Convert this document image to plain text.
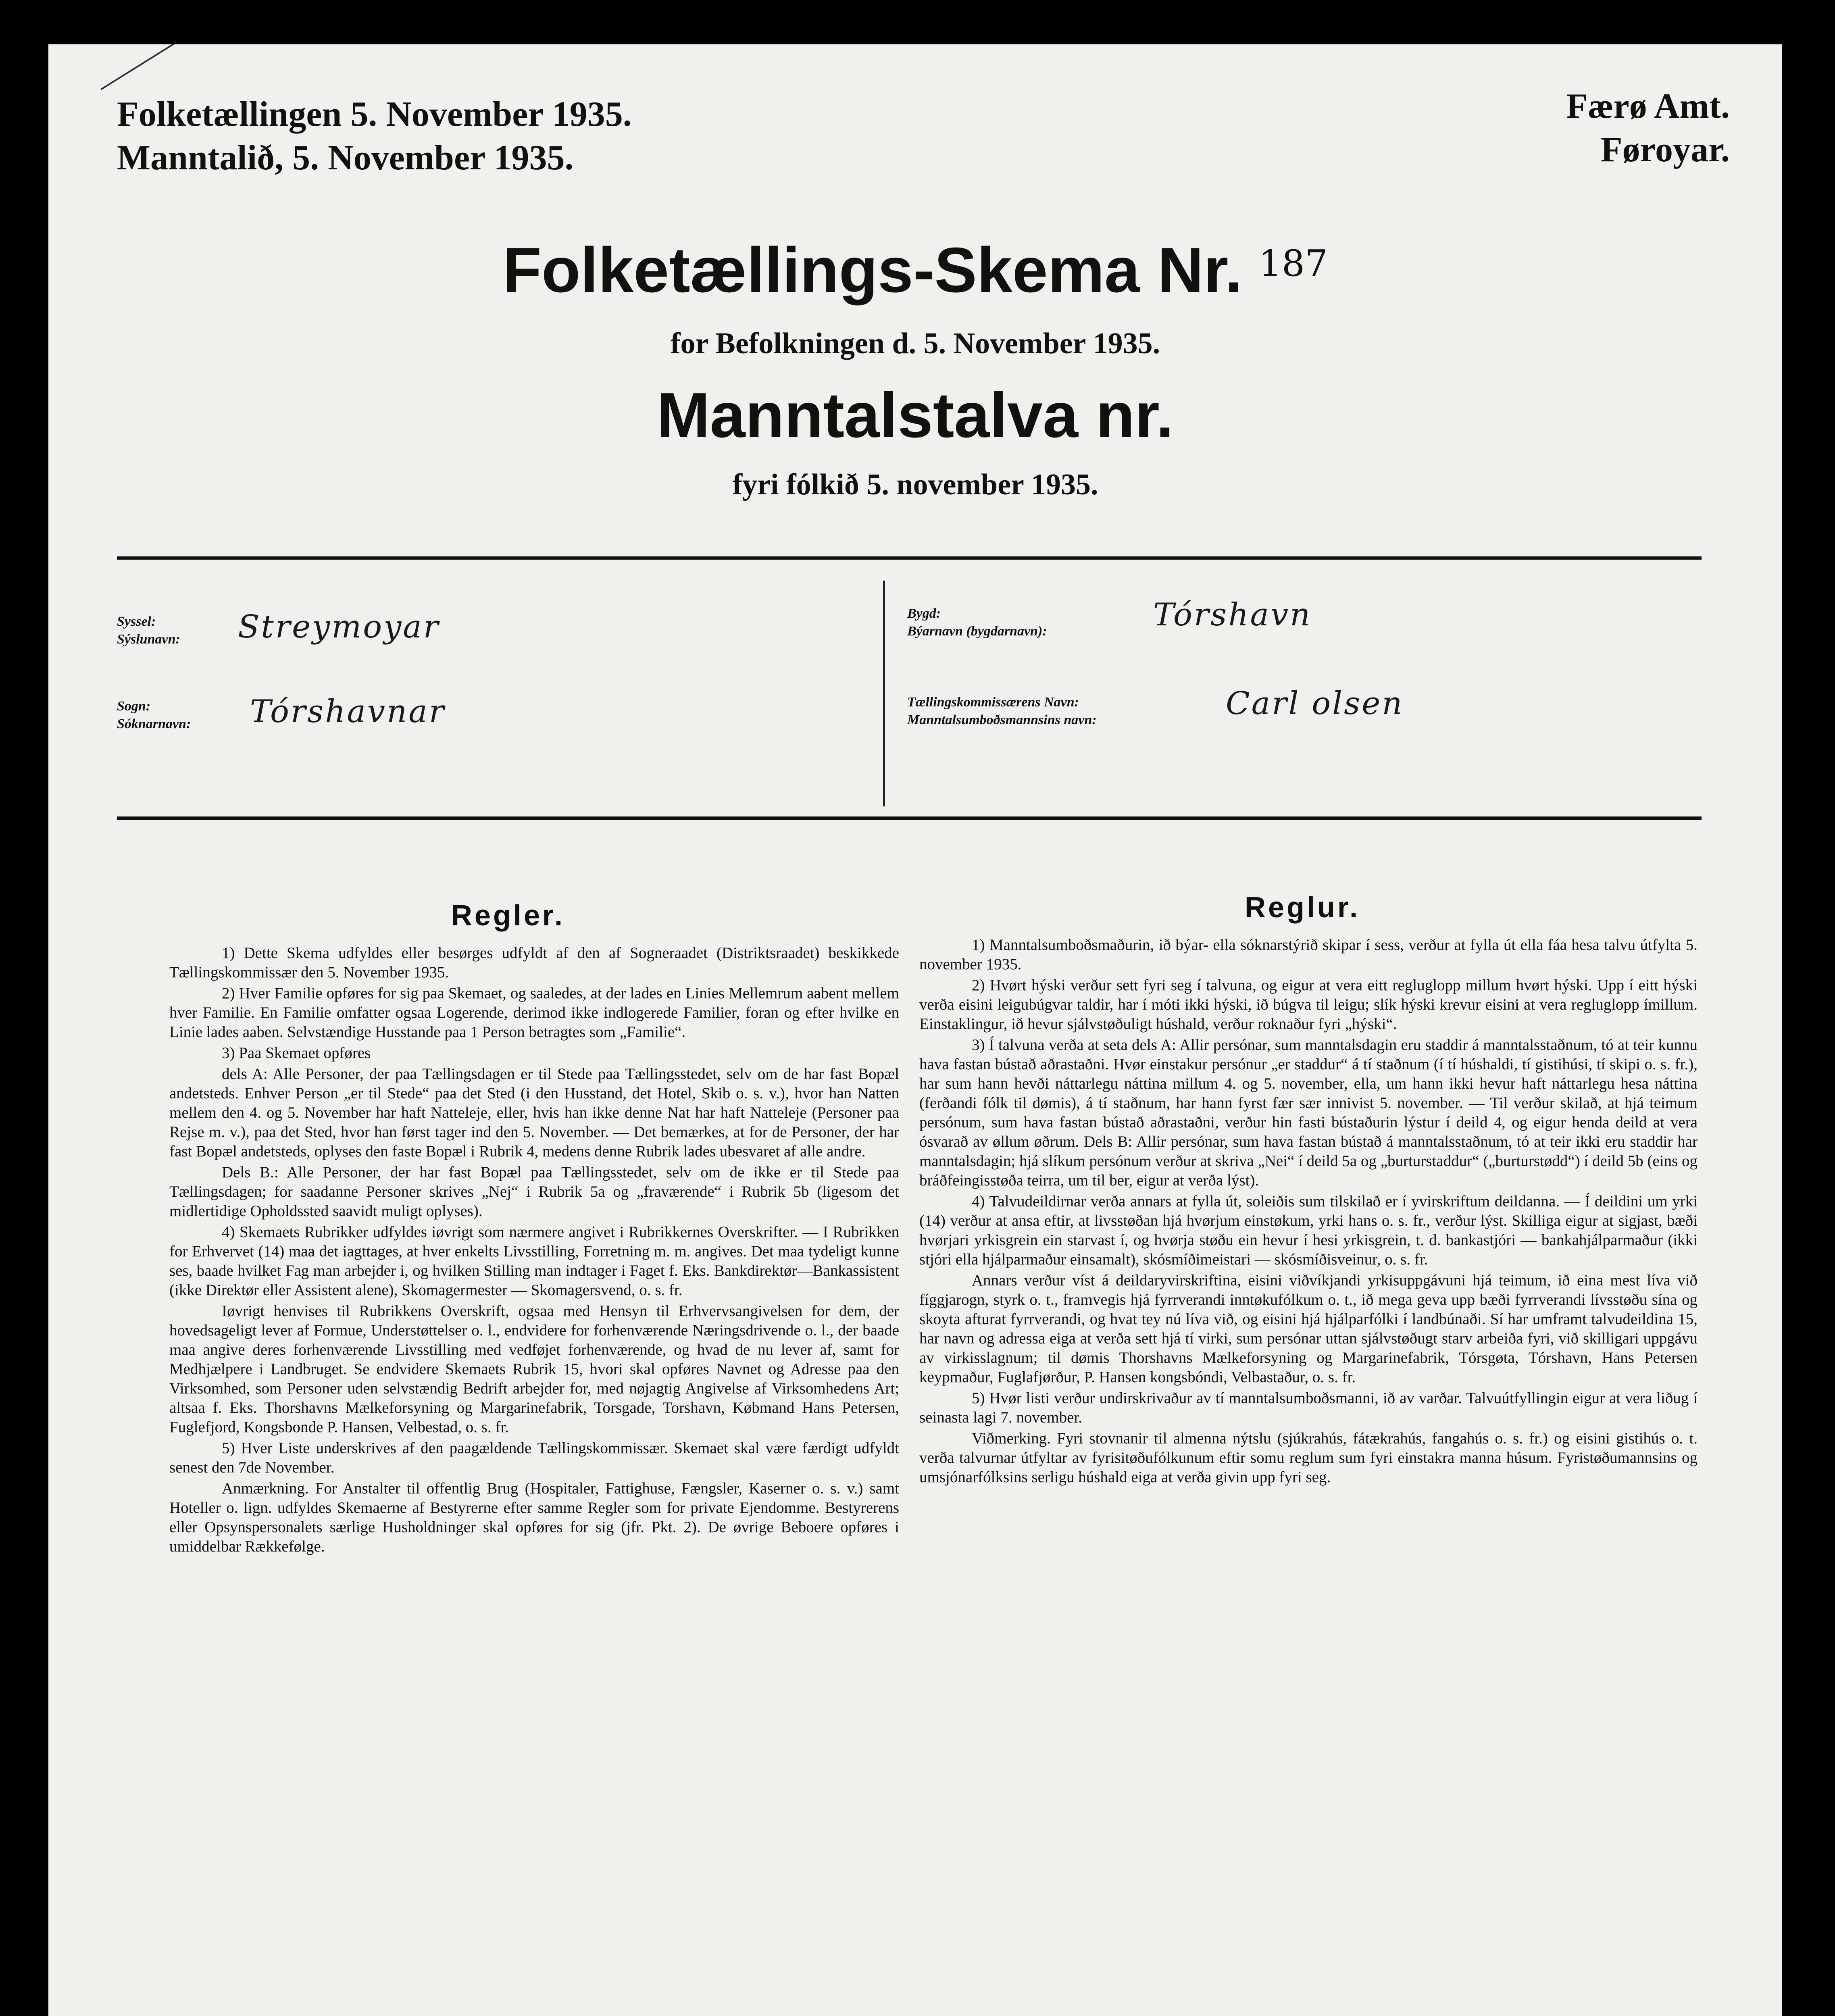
Folketællingen 5. November 1935.
Manntalið, 5. November 1935.
Færø Amt.
Føroyar.
Folketællings-Skema Nr. $^{187}$
for Befolkningen d. 5. November 1935.
Manntalstalva nr.
fyri fólkið 5. november 1935.
Syssel:
Sýslunavn: Streymoyar
Sogn:
Sóknarnavn: Tórshavnar
Bygd:
Býarnavn (bygdarnavn):	Tórshavn
Tællingskommissærens Navn:
Manntalsumboðsmannsins navn:	Carl olsen
Regler.

1) Dette Skema udfyldes eller besørges udfyldt af den af Sogneraadet (Distriktsraadet) beskikkede Tællingskommissær den 5. November 1935.

2) Hver Familie opføres for sig paa Skemaet, og saaledes, at der lades en Linies Mellemrum aabent mellem hver Familie. En Familie omfatter ogsaa Logerende, derimod ikke indlogerede Familier, foran og efter hvilke en Linie lades aaben. Selvstændige Husstande paa 1 Person betragtes som „Familie“.

3) Paa Skemaet opføres

dels A: Alle Personer, der paa Tællingsdagen er til Stede paa Tællingsstedet, selv om de har fast Bopæl andetsteds. Enhver Person „er til Stede“ paa det Sted (i den Husstand, det Hotel, Skib o. s. v.), hvor han Natten mellem den 4. og 5. November har haft Natteleje, eller, hvis han ikke denne Nat har haft Natteleje (Personer paa Rejse m. v.), paa det Sted, hvor han først tager ind den 5. November. — Det bemærkes, at for de Personer, der har fast Bopæl andetsteds, oplyses den faste Bopæl i Rubrik 4, medens denne Rubrik lades ubesvaret af alle andre.

Dels B.: Alle Personer, der har fast Bopæl paa Tællingsstedet, selv om de ikke er til Stede paa Tællingsdagen; for saadanne Personer skrives „Nej“ i Rubrik 5a og „fraværende“ i Rubrik 5b (ligesom det midlertidige Opholdssted saavidt muligt oplyses).

4) Skemaets Rubrikker udfyldes iøvrigt som nærmere angivet i Rubrikkernes Overskrifter. — I Rubrikken for Erhvervet (14) maa det iagttages, at hver enkelts Livsstilling, Forretning m. m. angives. Det maa tydeligt kunne ses, baade hvilket Fag man arbejder i, og hvilken Stilling man indtager i Faget f. Eks. Bankdirektør—Bankassistent (ikke Direktør eller Assistent alene), Skomagermester — Skomagersvend, o. s. fr.

Iøvrigt henvises til Rubrikkens Overskrift, ogsaa med Hensyn til Erhvervsangivelsen for dem, der hovedsageligt lever af Formue, Understøttelser o. l., endvidere for forhenværende Næringsdrivende o. l., der baade maa angive deres forhenværende Livsstilling med vedføjet forhenværende, og hvad de nu lever af, samt for Medhjælpere i Landbruget. Se endvidere Skemaets Rubrik 15, hvori skal opføres Navnet og Adresse paa den Virksomhed, som Personer uden selvstændig Bedrift arbejder for, med nøjagtig Angivelse af Virksomhedens Art; altsaa f. Eks. Thorshavns Mælkeforsyning og Margarinefabrik, Torsgade, Torshavn, Købmand Hans Petersen, Fuglefjord, Kongsbonde P. Hansen, Velbestad, o. s. fr.

5) Hver Liste underskrives af den paagældende Tællingskommissær. Skemaet skal være færdigt udfyldt senest den 7de November.

Anmærkning. For Anstalter til offentlig Brug (Hospitaler, Fattighuse, Fængsler, Kaserner o. s. v.) samt Hoteller o. lign. udfyldes Skemaerne af Bestyrerne efter samme Regler som for private Ejendomme. Bestyrerens eller Opsynspersonalets særlige Husholdninger skal opføres for sig (jfr. Pkt. 2). De øvrige Beboere opføres i umiddelbar Rækkefølge.

Reglur.

1) Manntalsumboðsmaðurin, ið býar- ella sóknarstýrið skipar í sess, verður at fylla út ella fáa hesa talvu útfylta 5. november 1935.

2) Hvørt hýski verður sett fyri seg í talvuna, og eigur at vera eitt regluglopp millum hvørt hýski. Upp í eitt hýski verða eisini leigubúgvar taldir, har í móti ikki hýski, ið búgva til leigu; slík hýski krevur eisini at vera regluglopp ímillum. Einstaklingur, ið hevur sjálvstøðuligt húshald, verður roknaður fyri „hýski“.

3) Í talvuna verða at seta dels A: Allir persónar, sum manntalsdagin eru staddir á manntalsstaðnum, tó at teir kunnu hava fastan bústað aðrastaðni. Hvør einstakur persónur „er staddur“ á tí staðnum (í tí húshaldi, tí gistihúsi, tí skipi o. s. fr.), har sum hann hevði náttarlegu náttina millum 4. og 5. november, ella, um hann ikki hevur haft náttarlegu hesa náttina (ferðandi fólk til dømis), á tí staðnum, har hann fyrst fær sær innivist 5. november. — Til verður skilað, at hjá teimum persónum, sum hava fastan bústað aðrastaðni, verður hin fasti bústaðurin lýstur í deild 4, og eigur henda deild at vera ósvarað av øllum øðrum. Dels B: Allir persónar, sum hava fastan bústað á manntalsstaðnum, tó at teir ikki eru staddir har manntalsdagin; hjá slíkum persónum verður at skriva „Nei“ í deild 5a og „burturstaddur“ („burturstødd“) í deild 5b (eins og bráðfeingisstøða teirra, um til ber, eigur at verða lýst).

4) Talvudeildirnar verða annars at fylla út, soleiðis sum tilskilað er í yvirskriftum deildanna. — Í deildini um yrki (14) verður at ansa eftir, at livsstøðan hjá hvørjum einstøkum, yrki hans o. s. fr., verður lýst. Skilliga eigur at sigjast, bæði hvørjari yrkisgrein ein starvast í, og hvørja støðu ein hevur í hesi yrkisgrein, t. d. bankastjóri — bankahjálparmaður (ikki stjóri ella hjálparmaður einsamalt), skósmíðimeistari — skósmíðisveinur, o. s. fr.

Annars verður víst á deildaryvirskriftina, eisini viðvíkjandi yrkisuppgávuni hjá teimum, ið eina mest líva við fíggjarogn, styrk o. t., framvegis hjá fyrrverandi inntøkufólkum o. t., ið mega geva upp bæði fyrrverandi lívsstøðu sína og skoyta afturat fyrrverandi, og hvat tey nú líva við, og eisini hjá hjálparfólki í landbúnaði. Sí har umframt talvudeildina 15, har navn og adressa eiga at verða sett hjá tí virki, sum persónar uttan sjálvstøðugt starv arbeiða fyri, við skilligari uppgávu av virkisslagnum; til dømis Thorshavns Mælkeforsyning og Margarinefabrik, Tórsgøta, Tórshavn, Hans Petersen keypmaður, Fuglafjørður, P. Hansen kongsbóndi, Velbastaður, o. s. fr.

5) Hvør listi verður undirskrivaður av tí manntalsumboðsmanni, ið av varðar. Talvuútfyllingin eigur at vera liðug í seinasta lagi 7. november.

Viðmerking. Fyri stovnanir til almenna nýtslu (sjúkrahús, fátækrahús, fangahús o. s. fr.) og eisini gistihús o. t. verða talvurnar útfyltar av fyrisitøðufólkunum eftir somu reglum sum fyri einstakra manna húsum. Fyristøðumannsins og umsjónarfólksins serligu húshald eiga at verða givin upp fyri seg.
